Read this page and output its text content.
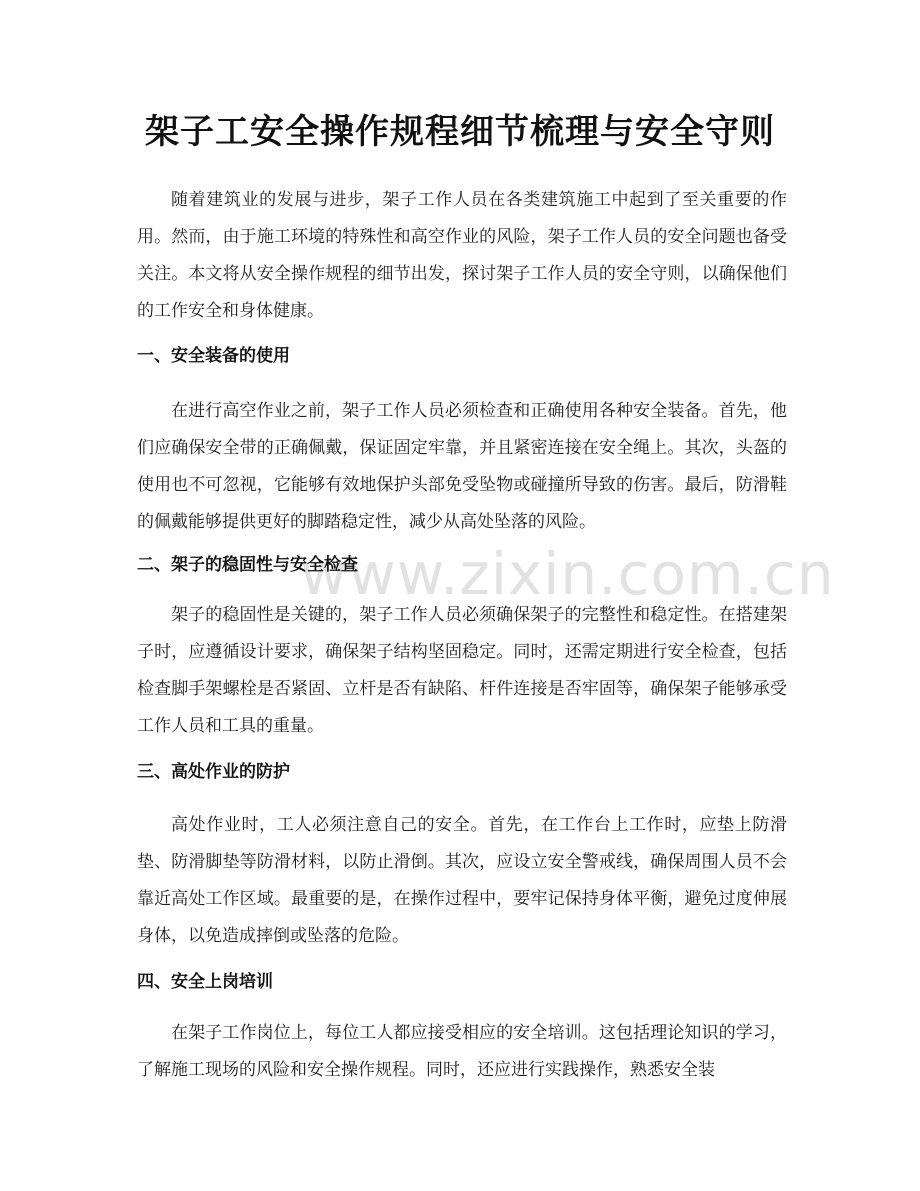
www.zixin.com.cn
架子工安全操作规程细节梳理与安全守则

随着建筑业的发展与进步，架子工作人员在各类建筑施工中起到了至关重要的作用。然而，由于施工环境的特殊性和高空作业的风险，架子工作人员的安全问题也备受关注。本文将从安全操作规程的细节出发，探讨架子工作人员的安全守则，以确保他们的工作安全和身体健康。

一、安全装备的使用

在进行高空作业之前，架子工作人员必须检查和正确使用各种安全装备。首先，他们应确保安全带的正确佩戴，保证固定牢靠，并且紧密连接在安全绳上。其次，头盔的使用也不可忽视，它能够有效地保护头部免受坠物或碰撞所导致的伤害。最后，防滑鞋的佩戴能够提供更好的脚踏稳定性，减少从高处坠落的风险。

二、架子的稳固性与安全检查

架子的稳固性是关键的，架子工作人员必须确保架子的完整性和稳定性。在搭建架子时，应遵循设计要求，确保架子结构坚固稳定。同时，还需定期进行安全检查，包括检查脚手架螺栓是否紧固、立杆是否有缺陷、杆件连接是否牢固等，确保架子能够承受工作人员和工具的重量。

三、高处作业的防护

高处作业时，工人必须注意自己的安全。首先，在工作台上工作时，应垫上防滑垫、防滑脚垫等防滑材料，以防止滑倒。其次，应设立安全警戒线，确保周围人员不会靠近高处工作区域。最重要的是，在操作过程中，要牢记保持身体平衡，避免过度伸展身体，以免造成摔倒或坠落的危险。

四、安全上岗培训

在架子工作岗位上，每位工人都应接受相应的安全培训。这包括理论知识的学习，了解施工现场的风险和安全操作规程。同时，还应进行实践操作，熟悉安全装
